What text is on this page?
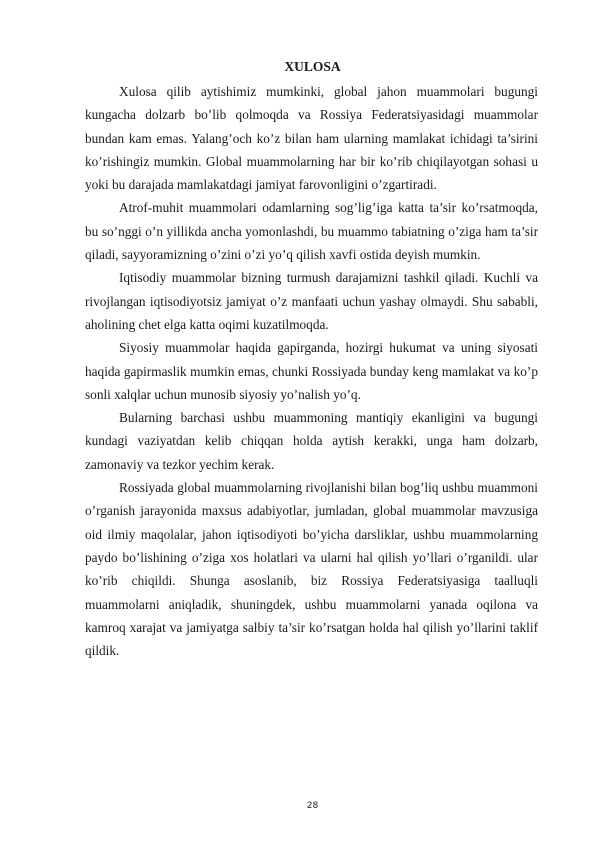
XULOSA

Xulosa qilib aytishimiz mumkinki, global jahon muammolari bugungi kungacha dolzarb bo’lib qolmoqda va Rossiya Federatsiyasidagi muammolar bundan kam emas. Yalang’och ko’z bilan ham ularning mamlakat ichidagi ta’sirini ko’rishingiz mumkin. Global muammolarning har bir ko’rib chiqilayotgan sohasi u yoki bu darajada mamlakatdagi jamiyat farovonligini o’zgartiradi.

Atrof-muhit muammolari odamlarning sog’lig’iga katta ta’sir ko’rsatmoqda, bu so’nggi o’n yillikda ancha yomonlashdi, bu muammo tabiatning o’ziga ham ta’sir qiladi, sayyoramizning o’zini o’zi yo’q qilish xavfi ostida deyish mumkin.

Iqtisodiy muammolar bizning turmush darajamizni tashkil qiladi. Kuchli va rivojlangan iqtisodiyotsiz jamiyat o’z manfaati uchun yashay olmaydi. Shu sababli, aholining chet elga katta oqimi kuzatilmoqda.

Siyosiy muammolar haqida gapirganda, hozirgi hukumat va uning siyosati haqida gapirmaslik mumkin emas, chunki Rossiyada bunday keng mamlakat va ko’p sonli xalqlar uchun munosib siyosiy yo’nalish yo’q.

Bularning barchasi ushbu muammoning mantiqiy ekanligini va bugungi kundagi vaziyatdan kelib chiqqan holda aytish kerakki, unga ham dolzarb, zamonaviy va tezkor yechim kerak.

Rossiyada global muammolarning rivojlanishi bilan bog’liq ushbu muammoni o’rganish jarayonida maxsus adabiyotlar, jumladan, global muammolar mavzusiga oid ilmiy maqolalar, jahon iqtisodiyoti bo’yicha darsliklar, ushbu muammolarning paydo bo’lishining o’ziga xos holatlari va ularni hal qilish yo’llari o’rganildi. ular ko’rib chiqildi. Shunga asoslanib, biz Rossiya Federatsiyasiga taalluqli muammolarni aniqladik, shuningdek, ushbu muammolarni yanada oqilona va kamroq xarajat va jamiyatga salbiy ta’sir ko’rsatgan holda hal qilish yo’llarini taklif qildik.

28
